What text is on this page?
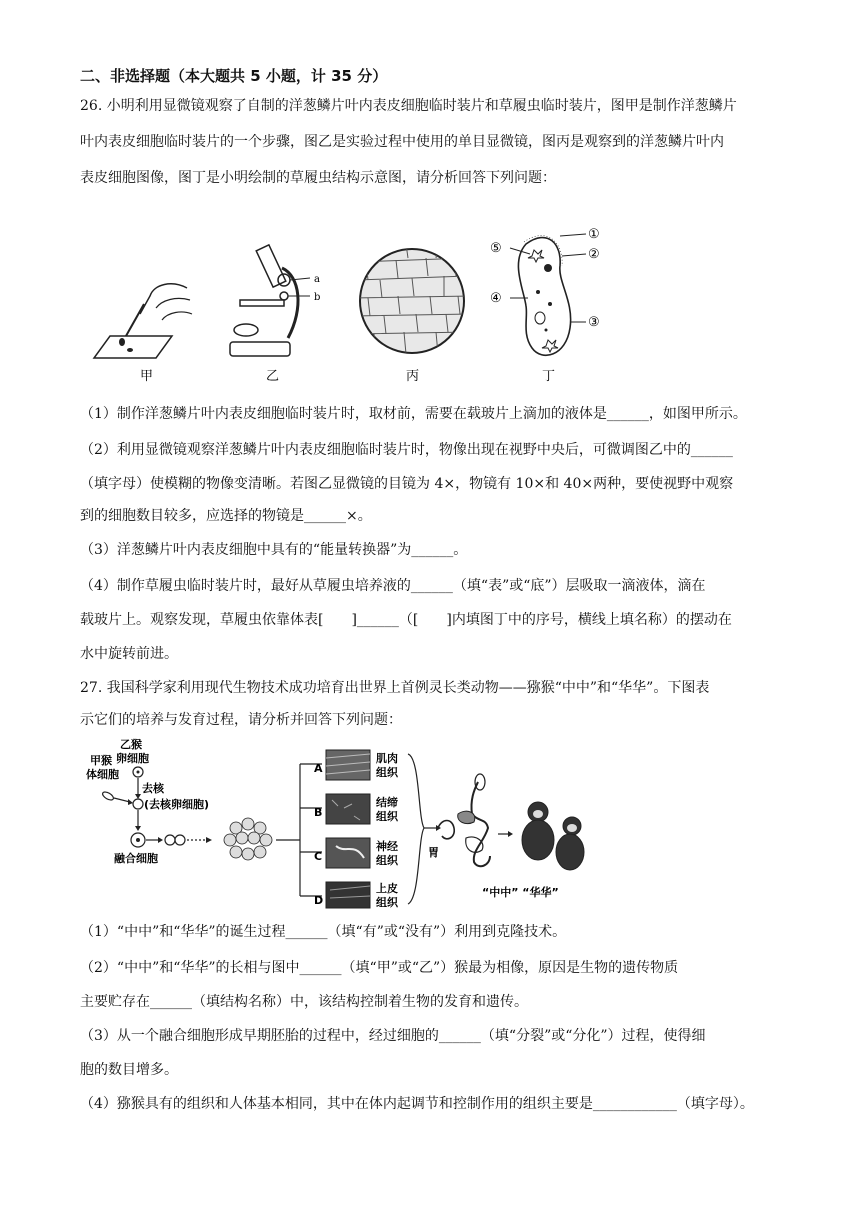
二、非选择题（本大题共 5 小题，计 35 分）
26. 小明利用显微镜观察了自制的洋葱鳞片叶内表皮细胞临时装片和草履虫临时装片，图甲是制作洋葱鳞片
叶内表皮细胞临时装片的一个步骤，图乙是实验过程中使用的单目显微镜，图丙是观察到的洋葱鳞片叶内
表皮细胞图像，图丁是小明绘制的草履虫结构示意图，请分析回答下列问题：
甲
a
b
乙	丙
①
②
③
④
⑤
丁
（1）制作洋葱鳞片叶内表皮细胞临时装片时，取材前，需要在载玻片上滴加的液体是______，如图甲所示。
（2）利用显微镜观察洋葱鳞片叶内表皮细胞临时装片时，物像出现在视野中央后，可微调图乙中的______
（填字母）使模糊的物像变清晰。若图乙显微镜的目镜为 4×，物镜有 10×和 40×两种，要使视野中观察
到的细胞数目较多，应选择的物镜是______×。
（3）洋葱鳞片叶内表皮细胞中具有的“能量转换器”为______。
（4）制作草履虫临时装片时，最好从草履虫培养液的______（填“表”或“底”）层吸取一滴液体，滴在
载玻片上。观察发现，草履虫依靠体表[　　]______（[　　]内填图丁中的序号，横线上填名称）的摆动在
水中旋转前进。
27. 我国科学家利用现代生物技术成功培育出世界上首例灵长类动物——猕猴“中中”和“华华”。下图表
示它们的培养与发育过程，请分析并回答下列问题：
甲猴
体细胞
乙猴
卵细胞
去核
(去核卵细胞)
融合细胞
A
B
C
D
肌肉
组织
结缔
组织
神经
组织
上皮
组织
胃
“中中” “华华”
（1）“中中”和“华华”的诞生过程______（填“有”或“没有”）利用到克隆技术。
（2）“中中”和“华华”的长相与图中______（填“甲”或“乙”）猴最为相像，原因是生物的遗传物质
主要贮存在______（填结构名称）中，该结构控制着生物的发育和遗传。
（3）从一个融合细胞形成早期胚胎的过程中，经过细胞的______（填“分裂”或“分化”）过程，使得细
胞的数目增多。
（4）猕猴具有的组织和人体基本相同，其中在体内起调节和控制作用的组织主要是____________（填字母）。
